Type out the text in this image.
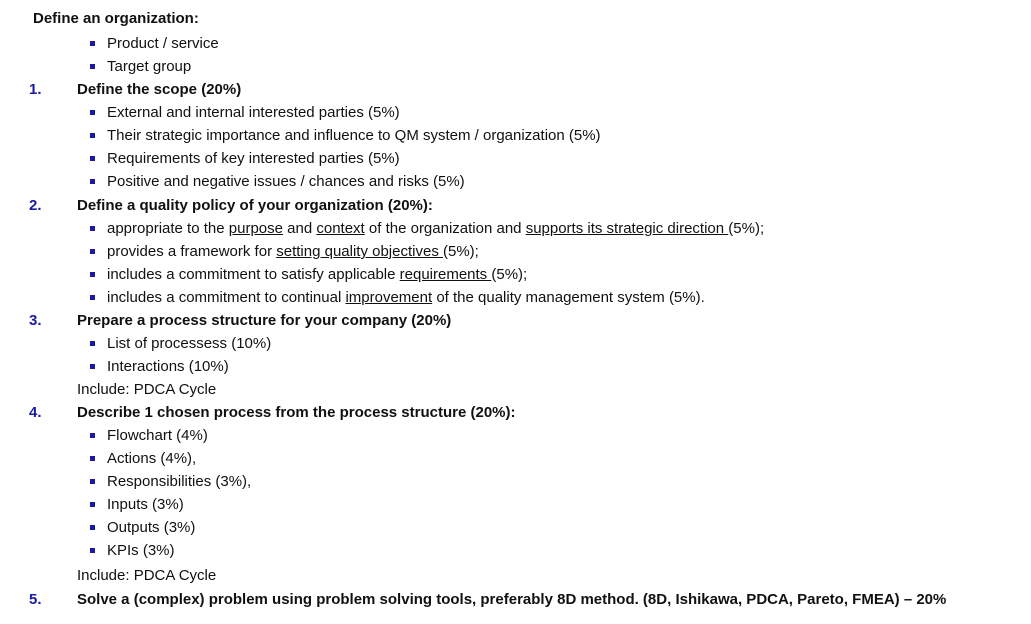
Define an organization:
Product / service
Target group
1. Define the scope (20%)
External and internal interested parties (5%)
Their strategic importance and influence to QM system / organization (5%)
Requirements of key interested parties (5%)
Positive and negative issues / chances and risks (5%)
2. Define a quality policy of your organization (20%):
appropriate to the purpose and context of the organization and supports its strategic direction (5%);
provides a framework for setting quality objectives (5%);
includes a commitment to satisfy applicable requirements (5%);
includes a commitment to continual improvement of the quality management system (5%).
3. Prepare a process structure for your company (20%)
List of processess (10%)
Interactions (10%)
Include: PDCA Cycle
4. Describe 1 chosen process from the process structure (20%):
Flowchart (4%)
Actions (4%),
Responsibilities (3%),
Inputs (3%)
Outputs (3%)
KPIs (3%)
Include: PDCA Cycle
5. Solve a (complex) problem using problem solving tools, preferably 8D method. (8D, Ishikawa, PDCA, Pareto, FMEA) – 20%
